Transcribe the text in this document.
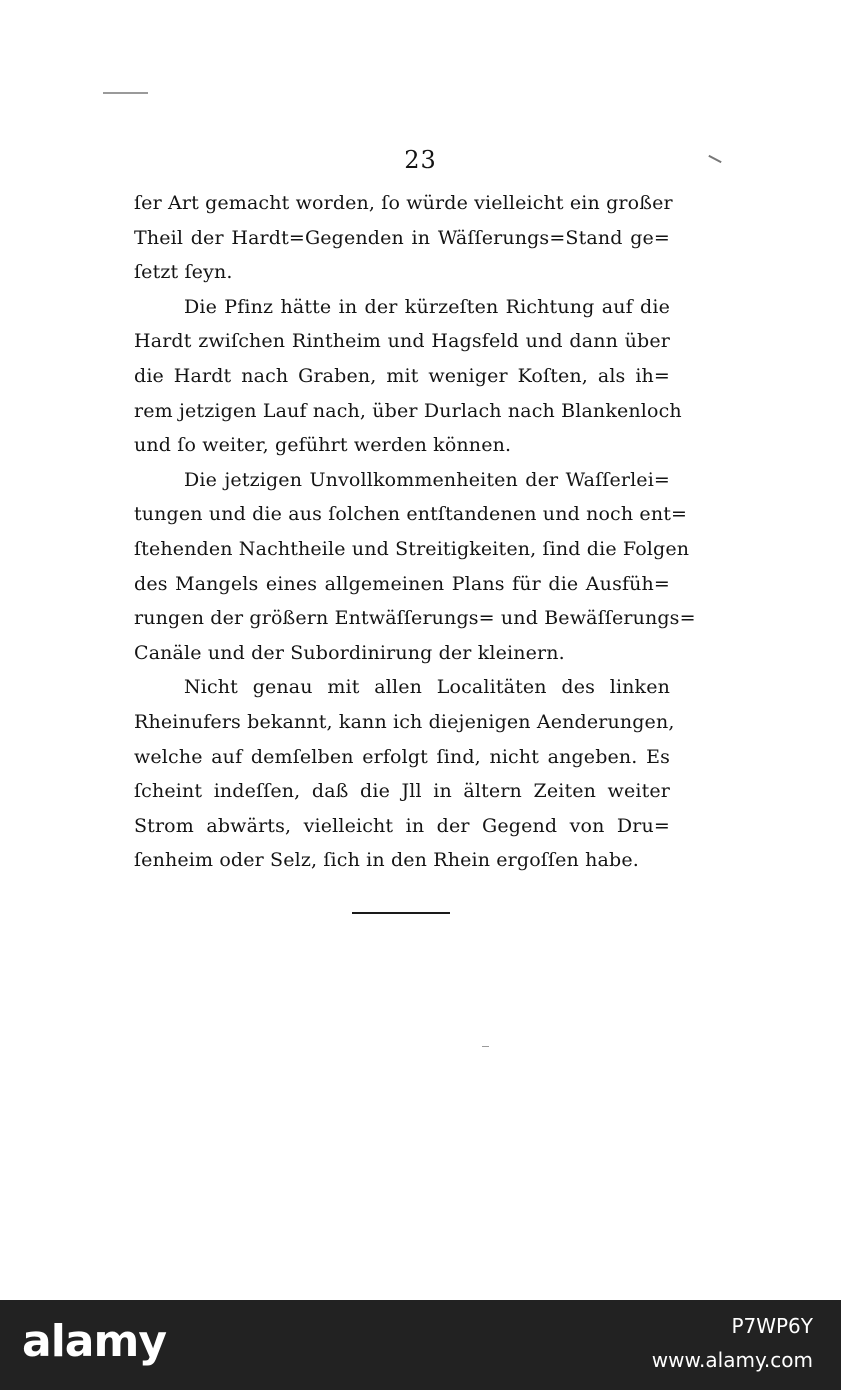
23
ſer Art gemacht worden, ſo würde vielleicht ein großer
Theil der Hardt=Gegenden in Wäſſerungs=Stand ge=
ſetzt ſeyn.
Die Pfinz hätte in der kürzeſten Richtung auf die
Hardt zwiſchen Rintheim und Hagsfeld und dann über
die Hardt nach Graben, mit weniger Koſten, als ih=
rem jetzigen Lauf nach, über Durlach nach Blankenloch
und ſo weiter, geführt werden können.
Die jetzigen Unvollkommenheiten der Waſſerlei=
tungen und die aus ſolchen entſtandenen und noch ent=
ſtehenden Nachtheile und Streitigkeiten, ſind die Folgen
des Mangels eines allgemeinen Plans für die Ausfüh=
rungen der größern Entwäſſerungs= und Bewäſſerungs=
Canäle und der Subordinirung der kleinern.
Nicht genau mit allen Localitäten des linken
Rheinufers bekannt, kann ich diejenigen Aenderungen,
welche auf demſelben erfolgt ſind, nicht angeben. Es
ſcheint indeſſen, daß die Jll in ältern Zeiten weiter
Strom abwärts, vielleicht in der Gegend von Dru=
ſenheim oder Selz, ſich in den Rhein ergoſſen habe.
alamy	P7WP6Y
www.alamy.com
